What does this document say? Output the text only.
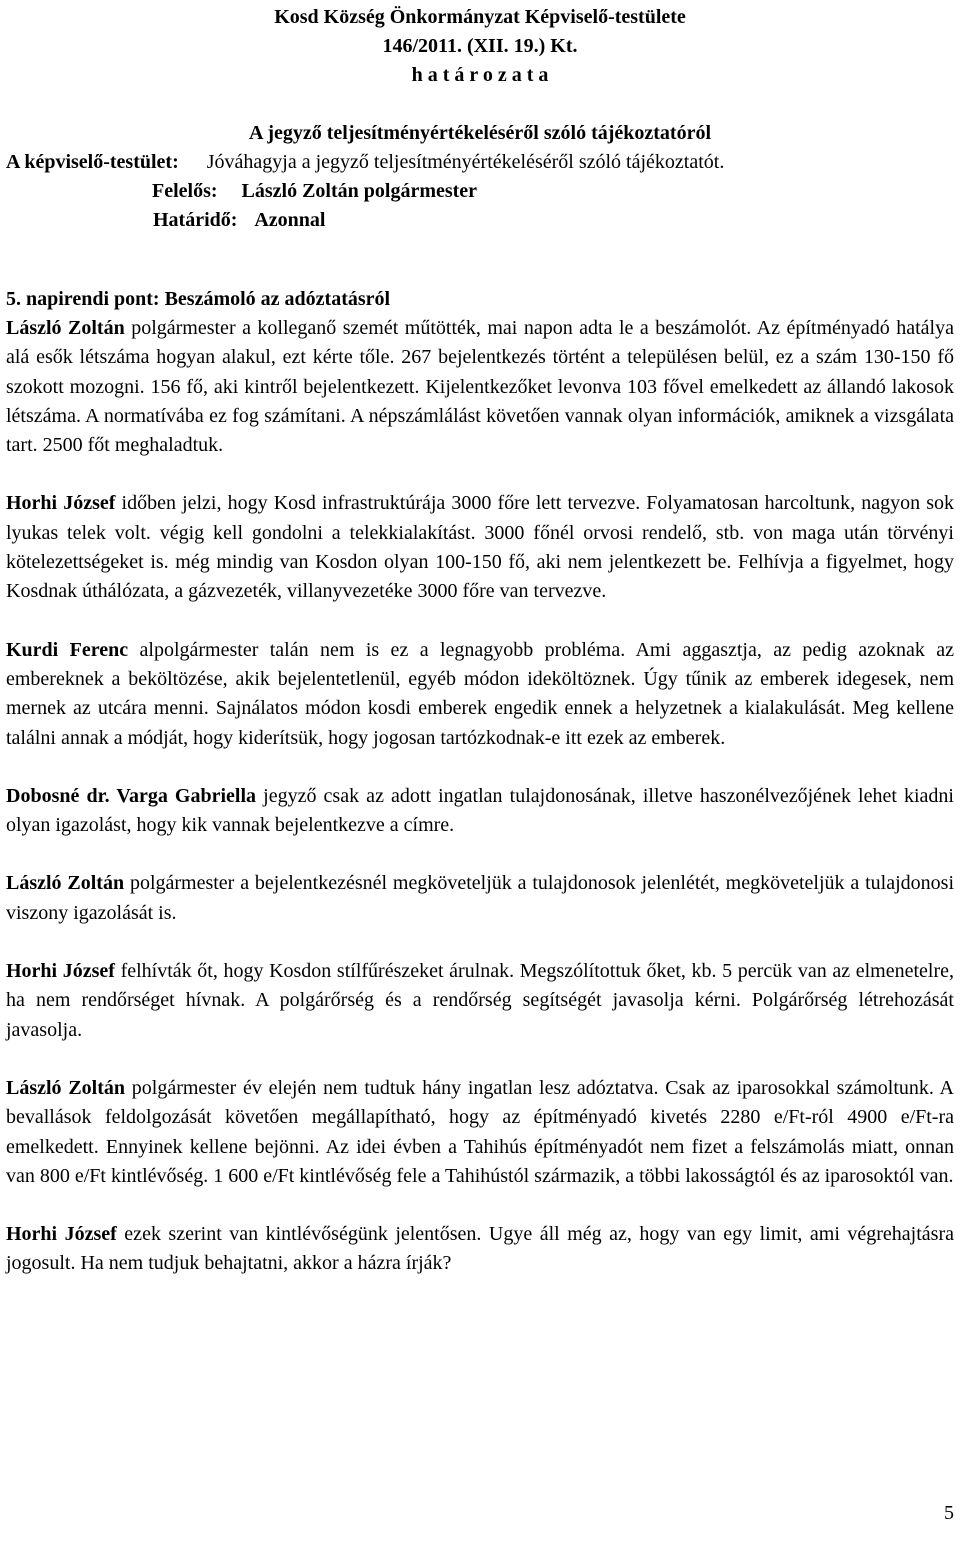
Kosd Község Önkormányzat Képviselő-testülete
146/2011. (XII. 19.) Kt.
h a t á r o z a t a
A jegyző teljesítményértékeléséről szóló tájékoztatóról
A képviselő-testület: Jóváhagyja a jegyző teljesítményértékeléséről szóló tájékoztatót.
Felelős: László Zoltán polgármester
Határidő: Azonnal
5. napirendi pont: Beszámoló az adóztatásról

László Zoltán polgármester a kolleganő szemét műtötték, mai napon adta le a beszámolót. Az építményadó hatálya alá esők létszáma hogyan alakul, ezt kérte tőle. 267 bejelentkezés történt a településen belül, ez a szám 130-150 fő szokott mozogni. 156 fő, aki kintről bejelentkezett. Kijelentkezőket levonva 103 fővel emelkedett az állandó lakosok létszáma. A normatívába ez fog számítani. A népszámlálást követően vannak olyan információk, amiknek a vizsgálata tart. 2500 főt meghaladtuk.

Horhi József időben jelzi, hogy Kosd infrastruktúrája 3000 főre lett tervezve. Folyamatosan harcoltunk, nagyon sok lyukas telek volt. végig kell gondolni a telekkialakítást. 3000 főnél orvosi rendelő, stb. von maga után törvényi kötelezettségeket is. még mindig van Kosdon olyan 100-150 fő, aki nem jelentkezett be. Felhívja a figyelmet, hogy Kosdnak úthálózata, a gázvezeték, villanyvezetéke 3000 főre van tervezve.

Kurdi Ferenc alpolgármester talán nem is ez a legnagyobb probléma. Ami aggasztja, az pedig azoknak az embereknek a beköltözése, akik bejelentetlenül, egyéb módon ideköltöznek. Úgy tűnik az emberek idegesek, nem mernek az utcára menni. Sajnálatos módon kosdi emberek engedik ennek a helyzetnek a kialakulását. Meg kellene találni annak a módját, hogy kiderítsük, hogy jogosan tartózkodnak-e itt ezek az emberek.

Dobosné dr. Varga Gabriella jegyző csak az adott ingatlan tulajdonosának, illetve haszonélvezőjének lehet kiadni olyan igazolást, hogy kik vannak bejelentkezve a címre.

László Zoltán polgármester a bejelentkezésnél megköveteljük a tulajdonosok jelenlétét, megköveteljük a tulajdonosi viszony igazolását is.

Horhi József felhívták őt, hogy Kosdon stílfűrészeket árulnak. Megszólítottuk őket, kb. 5 percük van az elmenetelre, ha nem rendőrséget hívnak. A polgárőrség és a rendőrség segítségét javasolja kérni. Polgárőrség létrehozását javasolja.

László Zoltán polgármester év elején nem tudtuk hány ingatlan lesz adóztatva. Csak az iparosokkal számoltunk. A bevallások feldolgozását követően megállapítható, hogy az építményadó kivetés 2280 e/Ft-ról 4900 e/Ft-ra emelkedett. Ennyinek kellene bejönni. Az idei évben a Tahihús építményadót nem fizet a felszámolás miatt, onnan van 800 e/Ft kintlévőség. 1 600 e/Ft kintlévőség fele a Tahihústól származik, a többi lakosságtól és az iparosoktól van.

Horhi József ezek szerint van kintlévőségünk jelentősen. Ugye áll még az, hogy van egy limit, ami végrehajtásra jogosult. Ha nem tudjuk behajtatni, akkor a házra írják?

5
